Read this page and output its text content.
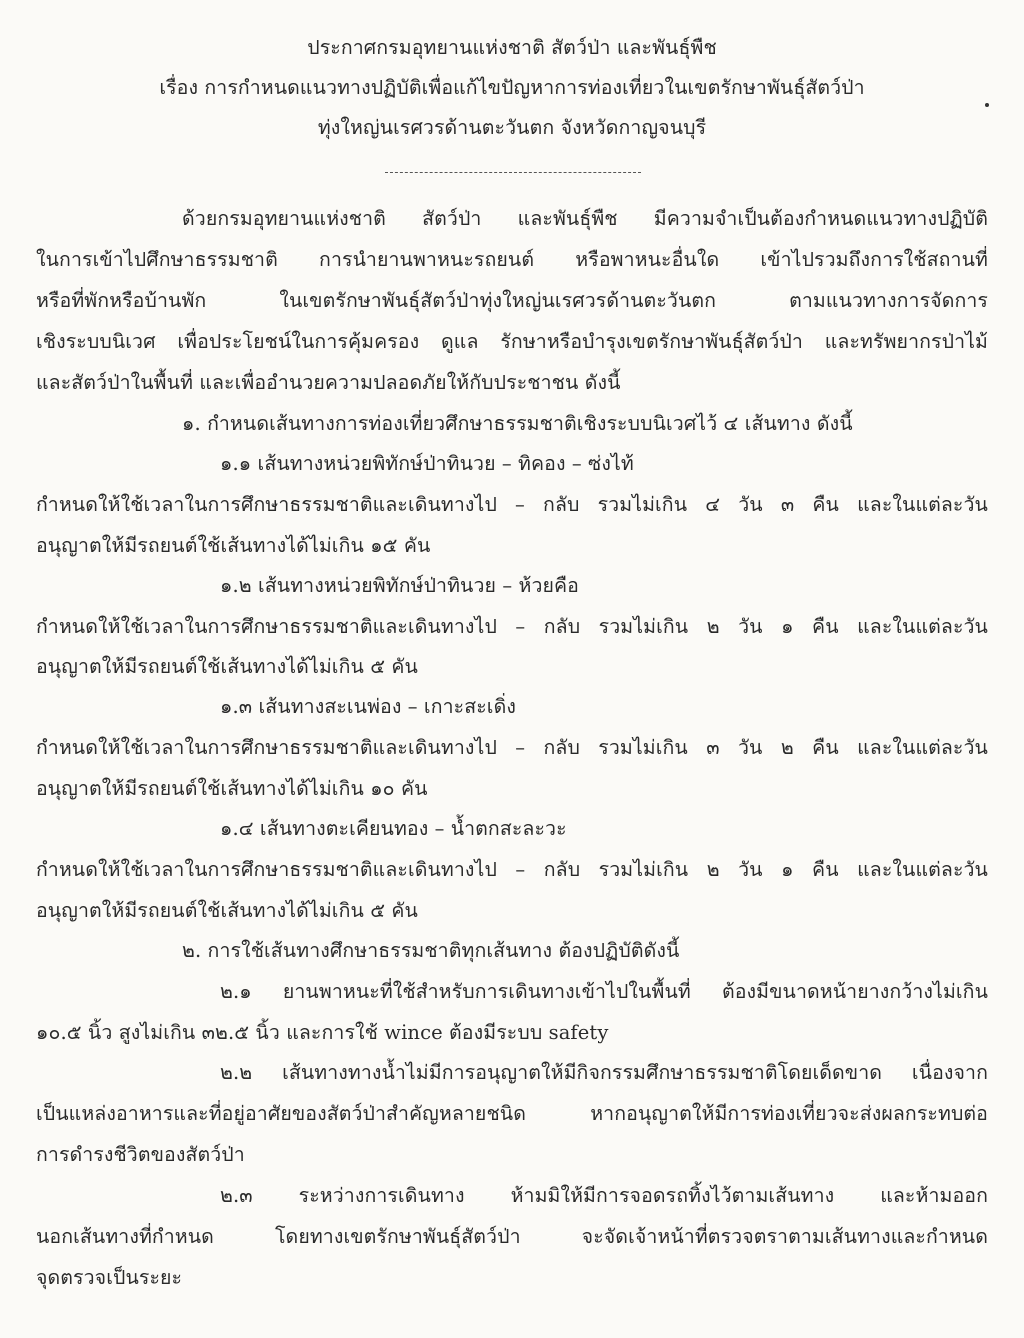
ประกาศกรมอุทยานแห่งชาติ สัตว์ป่า และพันธุ์พืช
เรื่อง การกำหนดแนวทางปฏิบัติเพื่อแก้ไขปัญหาการท่องเที่ยวในเขตรักษาพันธุ์สัตว์ป่า
ทุ่งใหญ่นเรศวรด้านตะวันตก จังหวัดกาญจนบุรี
ด้วยกรมอุทยานแห่งชาติ สัตว์ป่า และพันธุ์พืช มีความจำเป็นต้องกำหนดแนวทางปฏิบัติ
ในการเข้าไปศึกษาธรรมชาติ การนำยานพาหนะรถยนต์ หรือพาหนะอื่นใด เข้าไปรวมถึงการใช้สถานที่
หรือที่พักหรือบ้านพัก ในเขตรักษาพันธุ์สัตว์ป่าทุ่งใหญ่นเรศวรด้านตะวันตก ตามแนวทางการจัดการ
เชิงระบบนิเวศ เพื่อประโยชน์ในการคุ้มครอง ดูแล รักษาหรือบำรุงเขตรักษาพันธุ์สัตว์ป่า และทรัพยากรป่าไม้
และสัตว์ป่าในพื้นที่ และเพื่ออำนวยความปลอดภัยให้กับประชาชน ดังนี้
๑. กำหนดเส้นทางการท่องเที่ยวศึกษาธรรมชาติเชิงระบบนิเวศไว้ ๔ เส้นทาง ดังนี้
๑.๑ เส้นทางหน่วยพิทักษ์ป่าทินวย – ทิคอง – ซ่งไท้
กำหนดให้ใช้เวลาในการศึกษาธรรมชาติและเดินทางไป – กลับ รวมไม่เกิน ๔ วัน ๓ คืน และในแต่ละวัน
อนุญาตให้มีรถยนต์ใช้เส้นทางได้ไม่เกิน ๑๕ คัน
๑.๒ เส้นทางหน่วยพิทักษ์ป่าทินวย – ห้วยคือ
กำหนดให้ใช้เวลาในการศึกษาธรรมชาติและเดินทางไป – กลับ รวมไม่เกิน ๒ วัน ๑ คืน และในแต่ละวัน
อนุญาตให้มีรถยนต์ใช้เส้นทางได้ไม่เกิน ๕ คัน
๑.๓ เส้นทางสะเนพ่อง – เกาะสะเดิ่ง
กำหนดให้ใช้เวลาในการศึกษาธรรมชาติและเดินทางไป – กลับ รวมไม่เกิน ๓ วัน ๒ คืน และในแต่ละวัน
อนุญาตให้มีรถยนต์ใช้เส้นทางได้ไม่เกิน ๑๐ คัน
๑.๔ เส้นทางตะเคียนทอง – น้ำตกสะละวะ
กำหนดให้ใช้เวลาในการศึกษาธรรมชาติและเดินทางไป – กลับ รวมไม่เกิน ๒ วัน ๑ คืน และในแต่ละวัน
อนุญาตให้มีรถยนต์ใช้เส้นทางได้ไม่เกิน ๕ คัน
๒. การใช้เส้นทางศึกษาธรรมชาติทุกเส้นทาง ต้องปฏิบัติดังนี้
๒.๑ ยานพาหนะที่ใช้สำหรับการเดินทางเข้าไปในพื้นที่ ต้องมีขนาดหน้ายางกว้างไม่เกิน
๑๐.๕ นิ้ว สูงไม่เกิน ๓๒.๕ นิ้ว และการใช้ wince ต้องมีระบบ safety
๒.๒ เส้นทางทางน้ำไม่มีการอนุญาตให้มีกิจกรรมศึกษาธรรมชาติโดยเด็ดขาด เนื่องจาก
เป็นแหล่งอาหารและที่อยู่อาศัยของสัตว์ป่าสำคัญหลายชนิด หากอนุญาตให้มีการท่องเที่ยวจะส่งผลกระทบต่อ
การดำรงชีวิตของสัตว์ป่า
๒.๓ ระหว่างการเดินทาง ห้ามมิให้มีการจอดรถทิ้งไว้ตามเส้นทาง และห้ามออก
นอกเส้นทางที่กำหนด โดยทางเขตรักษาพันธุ์สัตว์ป่า จะจัดเจ้าหน้าที่ตรวจตราตามเส้นทางและกำหนด
จุดตรวจเป็นระยะ
